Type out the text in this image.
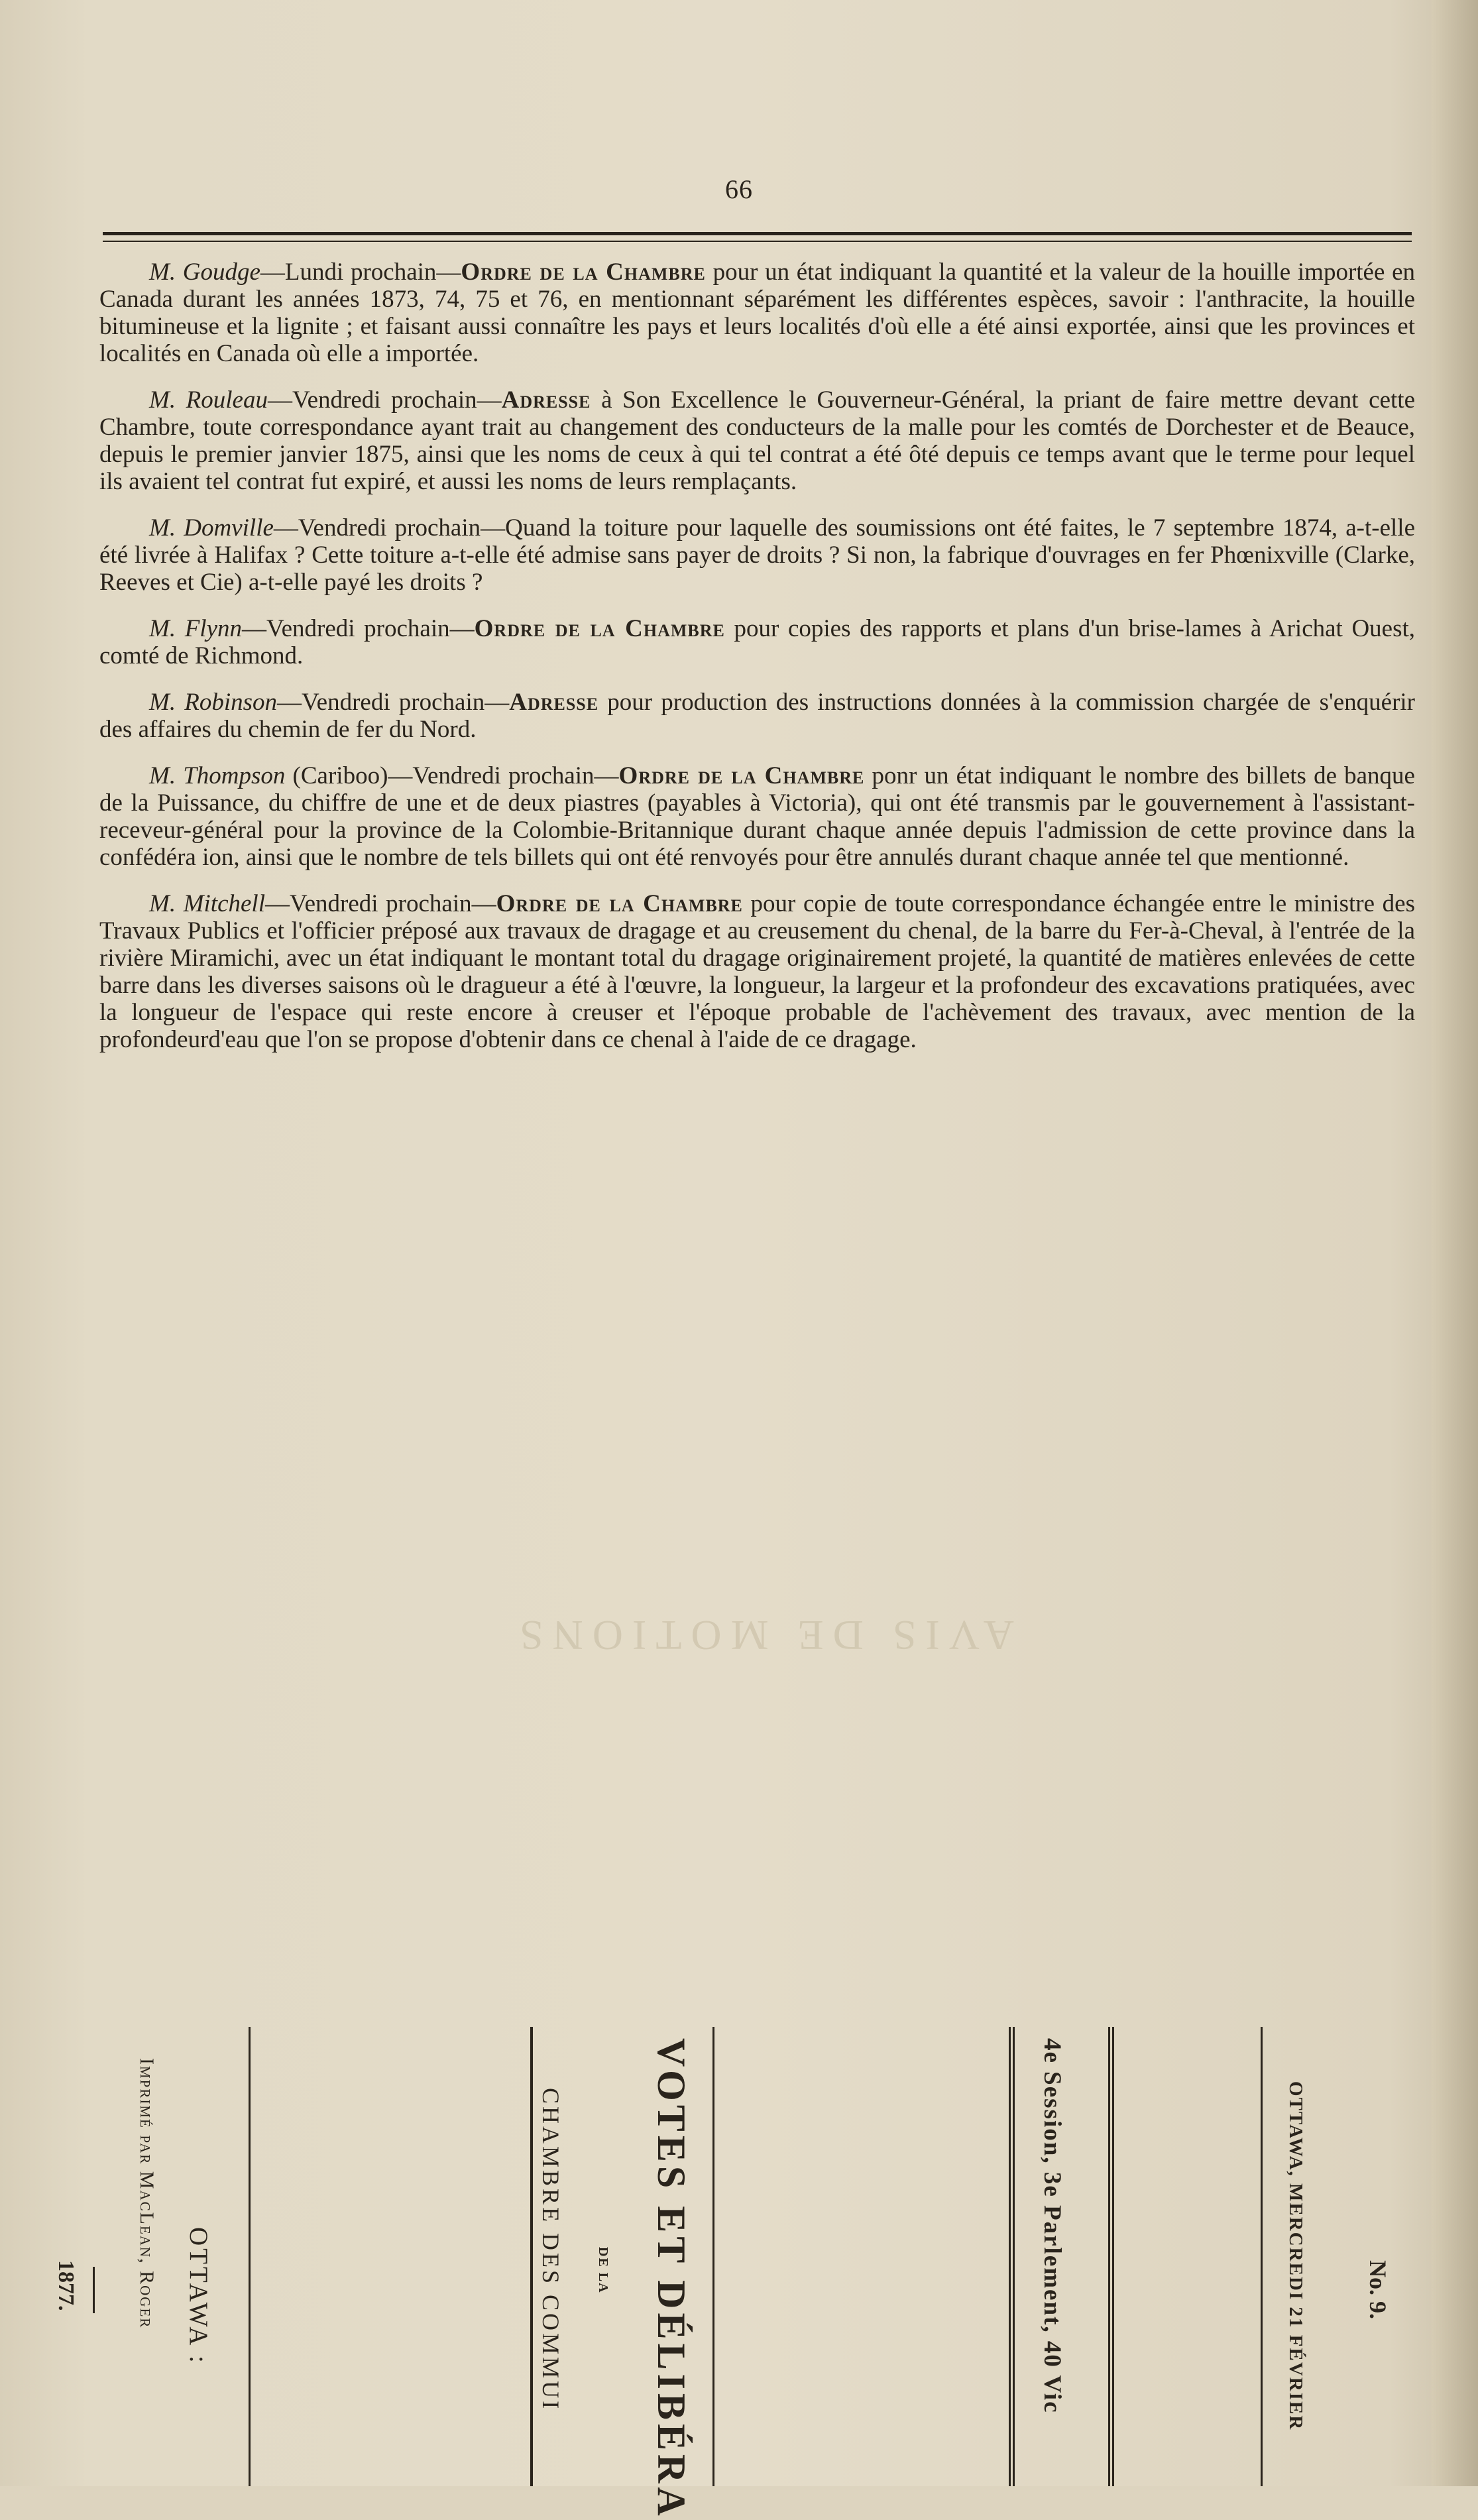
66

M. Goudge—Lundi prochain—Ordre de la Chambre pour un état indiquant la quantité et la valeur de la houille importée en Canada durant les années 1873, 74, 75 et 76, en mentionnant séparément les différentes espèces, savoir : l'anthracite, la houille bitumineuse et la lignite ; et faisant aussi connaître les pays et leurs localités d'où elle a été ainsi exportée, ainsi que les provinces et localités en Canada où elle a importée.

M. Rouleau—Vendredi prochain—Adresse à Son Excellence le Gouverneur-Général, la priant de faire mettre devant cette Chambre, toute correspondance ayant trait au changement des conducteurs de la malle pour les comtés de Dorchester et de Beauce, depuis le premier janvier 1875, ainsi que les noms de ceux à qui tel contrat a été ôté depuis ce temps avant que le terme pour lequel ils avaient tel contrat fut expiré, et aussi les noms de leurs remplaçants.

M. Domville—Vendredi prochain—Quand la toiture pour laquelle des soumissions ont été faites, le 7 septembre 1874, a-t-elle été livrée à Halifax ? Cette toiture a-t-elle été admise sans payer de droits ? Si non, la fabrique d'ouvrages en fer Phœnixville (Clarke, Reeves et Cie) a-t-elle payé les droits ?

M. Flynn—Vendredi prochain—Ordre de la Chambre pour copies des rapports et plans d'un brise-lames à Arichat Ouest, comté de Richmond.

M. Robinson—Vendredi prochain—Adresse pour production des instructions données à la commission chargée de s'enquérir des affaires du chemin de fer du Nord.

M. Thompson (Cariboo)—Vendredi prochain—Ordre de la Chambre ponr un état indiquant le nombre des billets de banque de la Puissance, du chiffre de une et de deux piastres (payables à Victoria), qui ont été transmis par le gouvernement à l'assistant-receveur-général pour la province de la Colombie-Britannique durant chaque année depuis l'admission de cette province dans la confédéra ion, ainsi que le nombre de tels billets qui ont été renvoyés pour être annulés durant chaque année tel que mentionné.

M. Mitchell—Vendredi prochain—Ordre de la Chambre pour copie de toute correspondance échangée entre le ministre des Travaux Publics et l'officier préposé aux travaux de dragage et au creusement du chenal, de la barre du Fer-à-Cheval, à l'entrée de la rivière Miramichi, avec un état indiquant le montant total du dragage originairement projeté, la quantité de matières enlevées de cette barre dans les diverses saisons où le dragueur a été à l'œuvre, la longueur, la largeur et la profondeur des excavations pratiquées, avec la longueur de l'espace qui reste encore à creuser et l'époque probable de l'achèvement des travaux, avec mention de la profondeurd'eau que l'on se propose d'obtenir dans ce chenal à l'aide de ce dragage.

AVIS DE MOTIONS
No. 9.
OTTAWA, MERCREDI 21 FÉVRIER
4e Session, 3e Parlement, 40 Vic
VOTES ET DÉLIBÉRA
DE LA
CHAMBRE DES COMMUI
OTTAWA :
Imprimé par MacLean, Roger
1877.
